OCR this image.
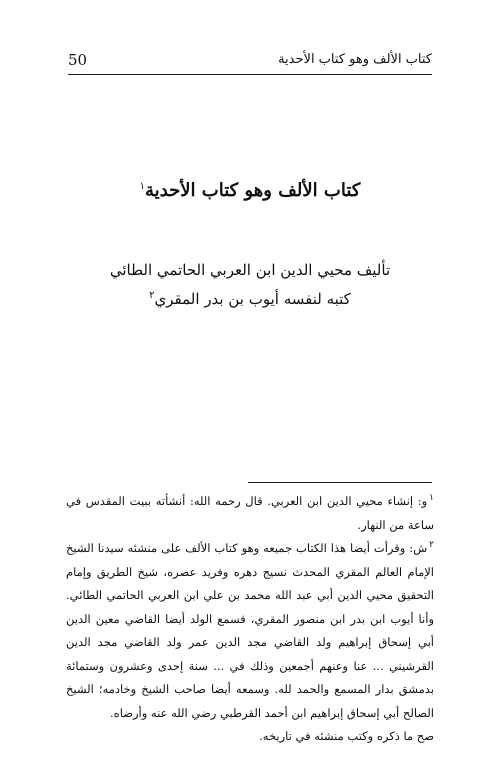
50	كتاب الألف وهو كتاب الأحدية
كتاب الألف وهو كتاب الأحدية$^١$
تأليف محيي الدين ابن العربي الحاتمي الطائي
كتبه لنفسه أيوب بن بدر المقري$^٢$

$^١$و: إنشاء محيي الدين ابن العربي. قال رحمه الله: أنشأته ببيت المقدس في ساعة من النهار.

$^٢$ش: وقرأت أيضا هذا الكتاب جميعه وهو كتاب الألف على منشئه سيدنا الشيخ الإمام العالم المقري المحدث نسيج دهره وفريد عصره، شيخ الطريق وإمام التحقيق محيي الدين أبي عبد الله محمد بن علي ابن العربي الحاتمي الطائي. وأنا أيوب ابن بدر ابن منصور المقري، فسمع الولد أيضا القاضي معين الدين أبي إسحاق إبراهيم ولد القاضي مجد الدين عمر ولد القاضي مجد الدين القرشيني ... عنا وعنهم أجمعين وذلك في ... سنة إحدى وعشرون وستمائة بدمشق بدار المسمع والحمد لله. وسمعه أيضا صاحب الشيخ وخادمه؛ الشيخ الصالح أبي إسحاق إبراهيم ابن أحمد القرطبي رضي الله عنه وأرضاه.

صح ما ذكره وكتب منشئه في تاريخه.
